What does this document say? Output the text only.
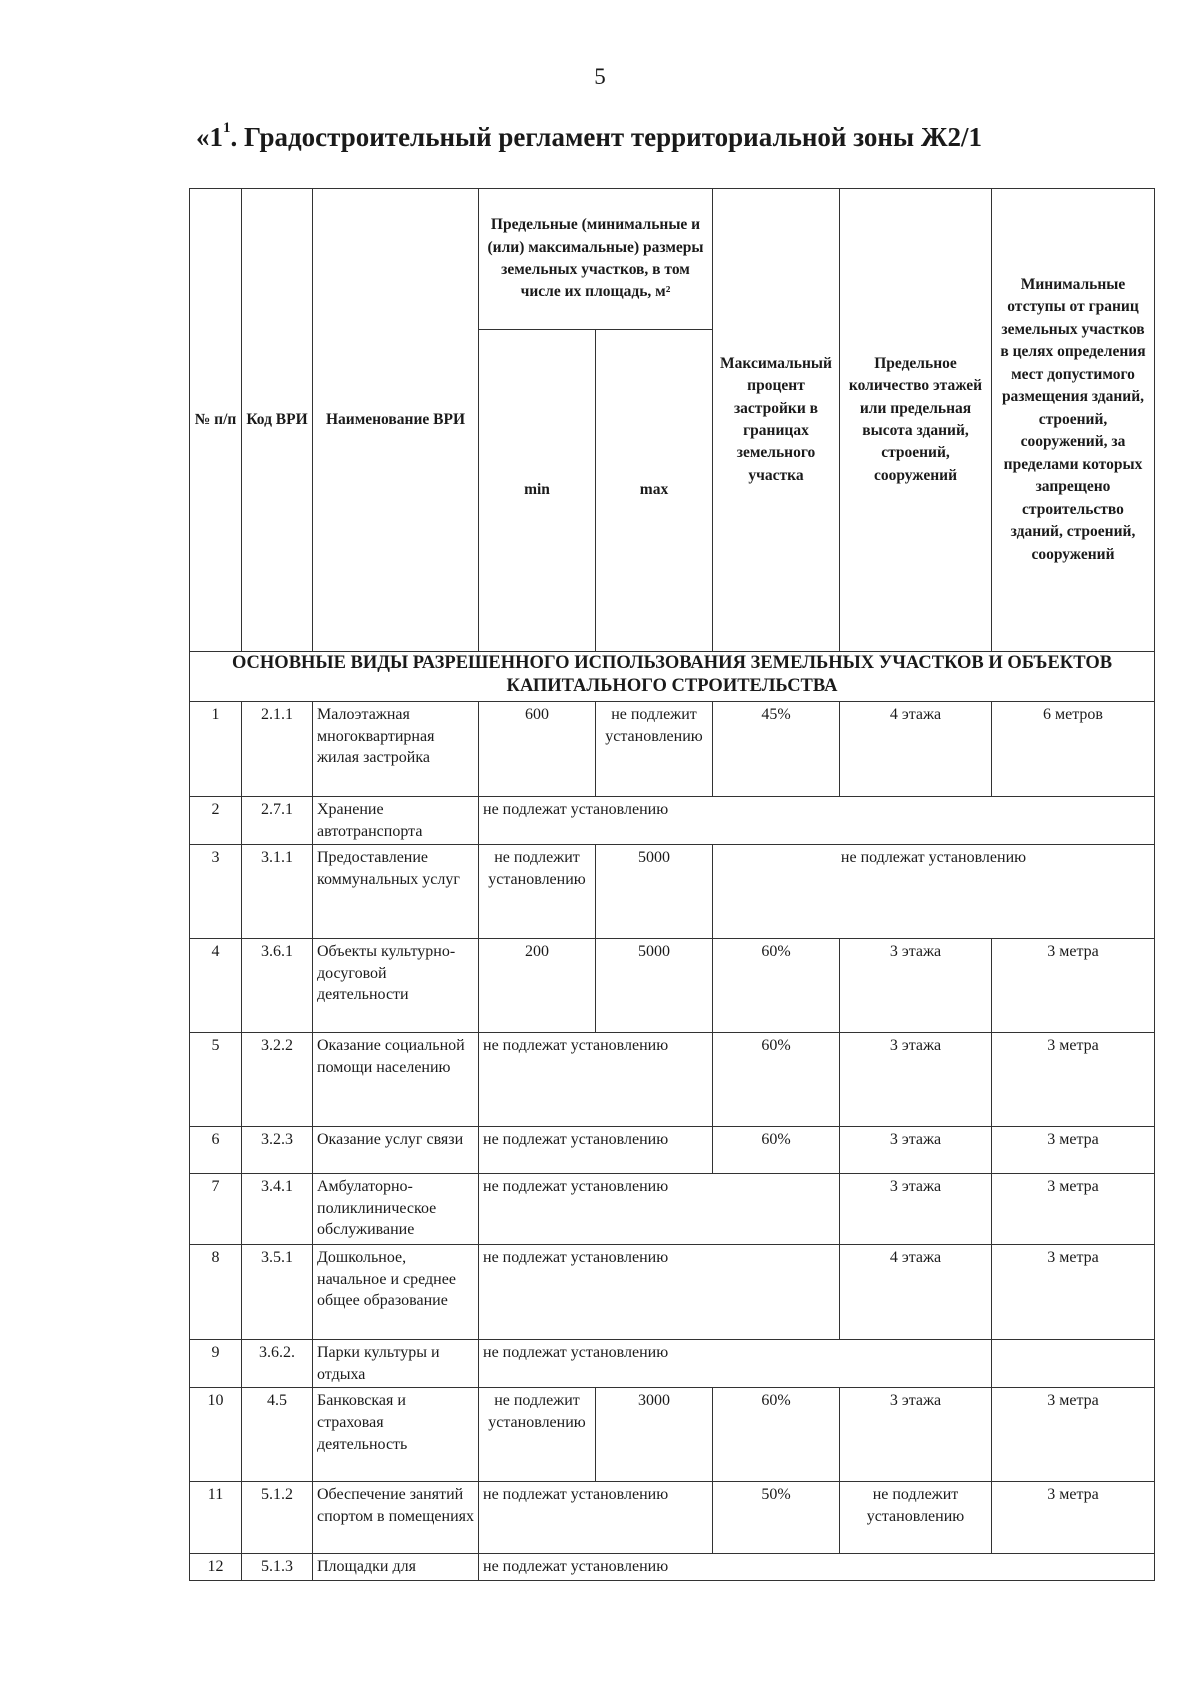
5
«$1^1$. Градостроительный регламент территориальной зоны Ж2/1
№ п/п	Код ВРИ	Наименование ВРИ	Предельные (минимальные и (или) максимальные) размеры земельных участков, в том числе их площадь, м²		Максимальный процент застройки в границах земельного участка	Предельное количество этажей или предельная высота зданий, строений, сооружений	Минимальные отступы от границ земельных участков в целях определения мест допустимого размещения зданий, строений, сооружений, за пределами которых запрещено строительство зданий, строений, сооружений
			min	max			
ОСНОВНЫЕ ВИДЫ РАЗРЕШЕННОГО ИСПОЛЬЗОВАНИЯ ЗЕМЕЛЬНЫХ УЧАСТКОВ И ОБЪЕКТОВ КАПИТАЛЬНОГО СТРОИТЕЛЬСТВА							
1	2.1.1	Малоэтажная многоквартирная жилая застройка	600	не подлежит установлению	45%	4 этажа	6 метров
2	2.7.1	Хранение автотранспорта	не подлежат установлению				
3	3.1.1	Предоставление коммунальных услуг	не подлежит установлению	5000	не подлежат установлению		
4	3.6.1	Объекты культурно-досуговой деятельности	200	5000	60%	3 этажа	3 метра
5	3.2.2	Оказание социальной помощи населению	не подлежат установлению		60%	3 этажа	3 метра
6	3.2.3	Оказание услуг связи	не подлежат установлению		60%	3 этажа	3 метра
7	3.4.1	Амбулаторно-поликлиническое обслуживание	не подлежат установлению			3 этажа	3 метра
8	3.5.1	Дошкольное, начальное и среднее общее образование	не подлежат установлению			4 этажа	3 метра
9	3.6.2.	Парки культуры и отдыха	не подлежат установлению				
10	4.5	Банковская и страховая деятельность	не подлежит установлению	3000	60%	3 этажа	3 метра
11	5.1.2	Обеспечение занятий спортом в помещениях	не подлежат установлению		50%	не подлежит установлению	3 метра
12	5.1.3	Площадки для	не подлежат установлению				
